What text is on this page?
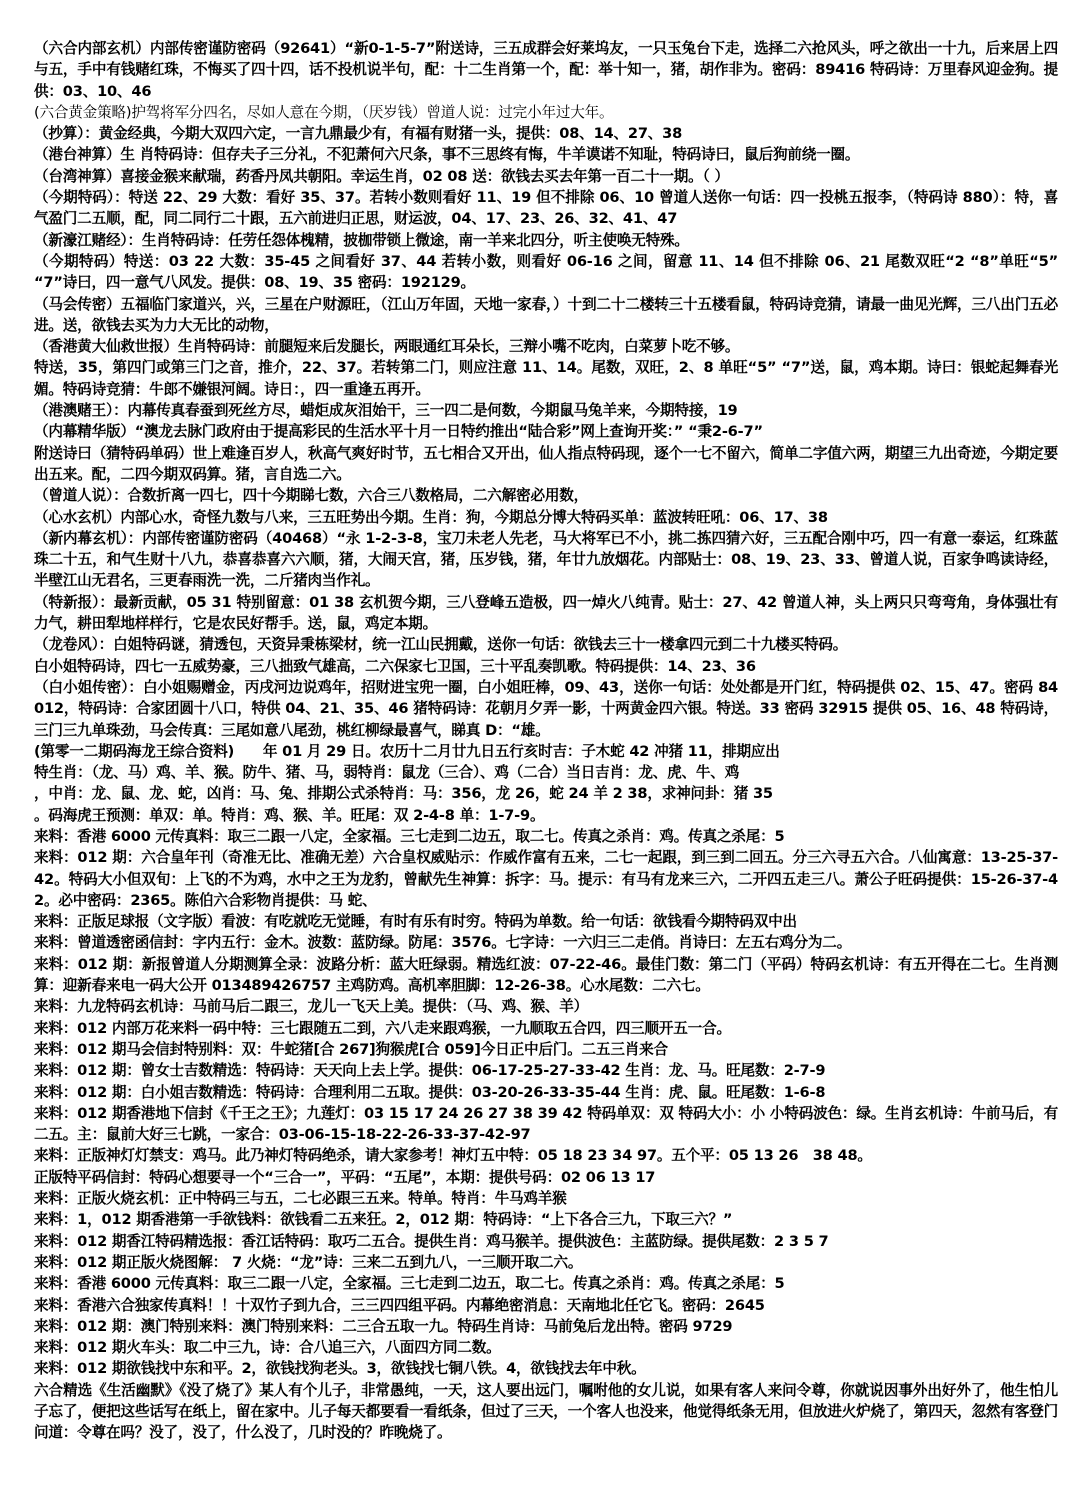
（六合内部玄机）内部传密谨防密码（92641）“新0-1-5-7”附送诗，三五成群会好莱坞友，一只玉兔台下走，选择二六抢风头，呼之欲出一十九，后来居上四与五，手中有钱赌红珠，不悔买了四十四，话不投机说半句，配：十二生肖第一个，配：举十知一，猪，胡作非为。密码：89416 特码诗：万里春风迎金狗。提供：03、10、46

(六合黄金策略)护驾将军分四名，尽如人意在今期，（厌岁钱）曾道人说：过完小年过大年。

（抄算）：黄金经典，今期大双四六定，一言九鼎最少有，有福有财猪一头，提供：08、14、27、38

（港台神算）生 肖特码诗：但存夫子三分礼，不犯萧何六尺条，事不三思终有悔，牛羊谟诺不知耻，特码诗曰，鼠后狗前绕一圈。

（台湾神算）喜接金猴来献瑞，药香丹凤共朝阳。幸运生肖，02 08 送：欲钱去买去年第一百二十一期。（ ）

（今期特码）：特送 22、29 大数：看好 35、37。若转小数则看好 11、19 但不排除 06、10 曾道人送你一句话：四一投桃五报李，（特码诗 880）：特，喜气盈门二五顺，配，同二同行二十跟，五六前进归正思，财运波，04、17、23、26、32、41、47

（新濠江赌经）：生肖特码诗：任劳任怨体槐精，披枷带锁上微途，南一羊来北四分，听主使唤无特殊。

（今期特码）特送：03 22 大数：35-45 之间看好 37、44 若转小数，则看好 06-16 之间，留意 11、14 但不排除 06、21 尾数双旺“2 “8”单旺“5” “7”诗曰，四一意气八风发。提供：08、19、35 密码：192129。

（马会传密）五福临门家道兴，兴，三星在户财源旺，（江山万年固，天地一家春，）十到二十二楼转三十五楼看鼠，特码诗竞猜，请最一曲见光辉，三八出门五必进。送，欲钱去买为力大无比的动物，

（香港黄大仙救世报）生肖特码诗：前腿短来后发腿长，两眼通红耳朵长，三辩小嘴不吃肉，白菜萝卜吃不够。

特送，35，第四门或第三门之音，推介，22、37。若转第二门，则应注意 11、14。尾数，双旺，2、8 单旺“5” “7”送，鼠，鸡本期。诗曰：银蛇起舞春光媚。特码诗竞猜：牛郎不嫌银河阔。诗日：，四一重逢五再开。

（港澳赌王）：内幕传真春蚕到死丝方尽，蜡炬成灰泪始干，三一四二是何数，今期鼠马兔羊来，今期特接，19

（内幕精华版）“澳龙去脉门政府由于提高彩民的生活水平十月一日特约推出“陆合彩”网上查询开奖：” “秉2-6-7”

附送诗曰（猜特码单码）世上难逢百岁人，秋高气爽好时节，五七相合又开出，仙人指点特码现，逐个一七不留六，简单二字值六两，期望三九出奇迹，今期定要出五来。配，二四今期双码算。猪，言自选二六。

（曾道人说）：合数折离一四七，四十今期睇七数，六合三八数格局，二六解密必用数，

（心水玄机）内部心水，奇怪九数与八来，三五旺势出今期。生肖：狗，今期总分博大特码买单：蓝波转旺吼：06、17、38

（新内幕玄机）：内部传密谨防密码（40468）“永 1-2-3-8，宝刀未老人先老，马大将军已不小，挑二拣四猜六好，三五配合刚中巧，四一有意一泰运，红珠蓝珠二十五，和气生财十八九，恭喜恭喜六六顺，猪，大闹天宫，猪，压岁钱，猪，年廿九放烟花。内部贴士：08、19、23、33、曾道人说，百家争鸣读诗经，半壁江山无君名，三更春雨洗一洗，二斤猪肉当作礼。

（特新报）：最新贡献，05 31 特别留意：01 38 玄机贺今期，三八登峰五造极，四一焯火八纯青。贴士：27、42 曾道人神，头上两只只弯弯角，身体强壮有力气，耕田犁地样样行，它是农民好帮手。送，鼠，鸡定本期。

（龙卷风）：白姐特码谜，猜透包，天资异秉栋梁材，统一江山民拥戴，送你一句话：欲钱去三十一楼拿四元到二十九楼买特码。

白小姐特码诗，四七一五威势豪，三八拙致气雄高，二六保家七卫国，三十平乱奏凯歌。特码提供：14、23、36

（白小姐传密）：白小姐赐赠金，丙戌河边说鸡年，招财进宝兜一圈，白小姐旺棒，09、43，送你一句话：处处都是开门红，特码提供 02、15、47。密码 84012，特码诗：合家团圆十八口，特供 04、21、35、46 猪特码诗：花朝月夕弄一影，十两黄金四六银。特送。33 密码 32915 提供 05、16、48 特码诗，三门三九单珠劲，马会传真：三尾如意八尾劲，桃红柳绿最喜气，睇真 D：“雄。

(第零一二期码海龙王综合资料)　　年 01 月 29 日。农历十二月廿九日五行亥时吉：子木蛇 42 冲猪 11，排期应出

特生肖：（龙、马）鸡、羊、猴。防牛、猪、马，弱特肖：鼠龙（三合）、鸡（二合）当日吉肖：龙、虎、牛、鸡

，中肖：龙、鼠、龙、蛇，凶肖：马、兔、排期公式杀特肖：马：356，龙 26，蛇 24 羊 2 38，求神问卦：猪 35

。码海虎王预测：单双：单。特肖：鸡、猴、羊。旺尾：双 2-4-8 单：1-7-9。

来料：香港 6000 元传真料：取三二跟一八定，全家福。三七走到二边五，取二七。传真之杀肖：鸡。传真之杀尾：5

来料：012 期：六合皇年刊（奇准无比、准确无差）六合皇权威贴示：作威作富有五来，二七一起跟，到三到二回五。分三六寻五六合。八仙寓意：13-25-37-42。特码大小但双旬：上飞的不为鸡，水中之王为龙豹，曾献先生神算：拆字：马。提示：有马有龙来三六，二开四五走三八。萧公子旺码提供：15-26-37-42。必中密码：2365。陈伯六合彩物肖提供：马 蛇、

来料：正版足球报（文字版）看波：有吃就吃无觉睡，有时有乐有时穷。特码为单数。给一句话：欲钱看今期特码双中出

来料：曾道透密函信封：字内五行：金木。波数：蓝防绿。防尾：3576。七字诗：一六归三二走俏。肖诗曰：左五右鸡分为二。

来料：012 期：新报曾道人分期测算全录：波路分析：蓝大旺绿弱。精选红波：07-22-46。最佳门数：第二门（平码）特码玄机诗：有五开得在二七。生肖测算：迎新春来电一码大公开 013489426757 主鸡防鸡。高机率胆脚：12-26-38。心水尾数：二六七。

来料：九龙特码玄机诗：马前马后二跟三，龙儿一飞天上美。提供：（马、鸡、猴、羊）

来料：012 内部万花来料一码中特：三七跟随五二到，六八走来跟鸡猴，一九顺取五合四，四三顺开五一合。

来料：012 期马会信封特别料：双：牛蛇猪[合 267]狗猴虎[合 059]今日正中后门。二五三肖来合

来料：012 期：曾女士吉数精选：特码诗：天天向上去上学。提供：06-17-25-27-33-42 生肖：龙、马。旺尾数：2-7-9

来料：012 期：白小姐吉数精选：特码诗：合理利用二五取。提供：03-20-26-33-35-44 生肖：虎、鼠。旺尾数：1-6-8

来料：012 期香港地下信封《千王之王》；九莲灯：03 15 17 24 26 27 38 39 42 特码单双：双 特码大小：小 小特码波色：绿。生肖玄机诗：牛前马后，有二五。主：鼠前大好三七跳，一家合：03-06-15-18-22-26-33-37-42-97

来料：正版神灯灯禁支：鸡马。此乃神灯特码绝杀，请大家参考！神灯五中特：05 18 23 34 97。五个平：05 13 26　38 48。

正版特平码信封：特码心想要寻一个“三合一”，平码：“五尾”，本期：提供号码：02 06 13 17

来料：正版火烧玄机：正中特码三与五，二七必跟三五来。特单。特肖：牛马鸡羊猴

来料：1，012 期香港第一手欲钱料：欲钱看二五来狂。2，012 期：特码诗：“上下各合三九，下取三六？”

来料：012 期香江特码精选报：香江话特码：取巧二五合。提供生肖：鸡马猴羊。提供波色：主蓝防绿。提供尾数：2 3 5 7

来料：012 期正版火烧图解： 7 火烧：“龙”诗：三来二五到九八，一三顺开取二六。

来料：香港 6000 元传真料：取三二跟一八定，全家福。三七走到二边五，取二七。传真之杀肖：鸡。传真之杀尾：5

来料：香港六合独家传真料！！十双竹子到九合，三三四四组平码。内幕绝密消息：天南地北任它飞。密码：2645

来料：012 期：澳门特别来料：澳门特别来料：二三合五取一九。特码生肖诗：马前兔后龙出特。密码 9729

来料：012 期火车头：取二中三九，诗：合八追三六，八面四方同二数。

来料：012 期欲钱找中东和平。2，欲钱找狗老头。3，欲钱找七铜八铁。4，欲钱找去年中秋。

六合精选《生活幽默》《没了烧了》某人有个儿子，非常愚纯，一天，这人要出远门，嘱咐他的女儿说，如果有客人来问令尊，你就说因事外出好外了，他生怕儿子忘了，便把这些话写在纸上，留在家中。儿子每天都要看一看纸条，但过了三天，一个客人也没来，他觉得纸条无用，但放进火炉烧了，第四天，忽然有客登门问道：令尊在吗？没了，没了，什么没了，几时没的？昨晚烧了。
